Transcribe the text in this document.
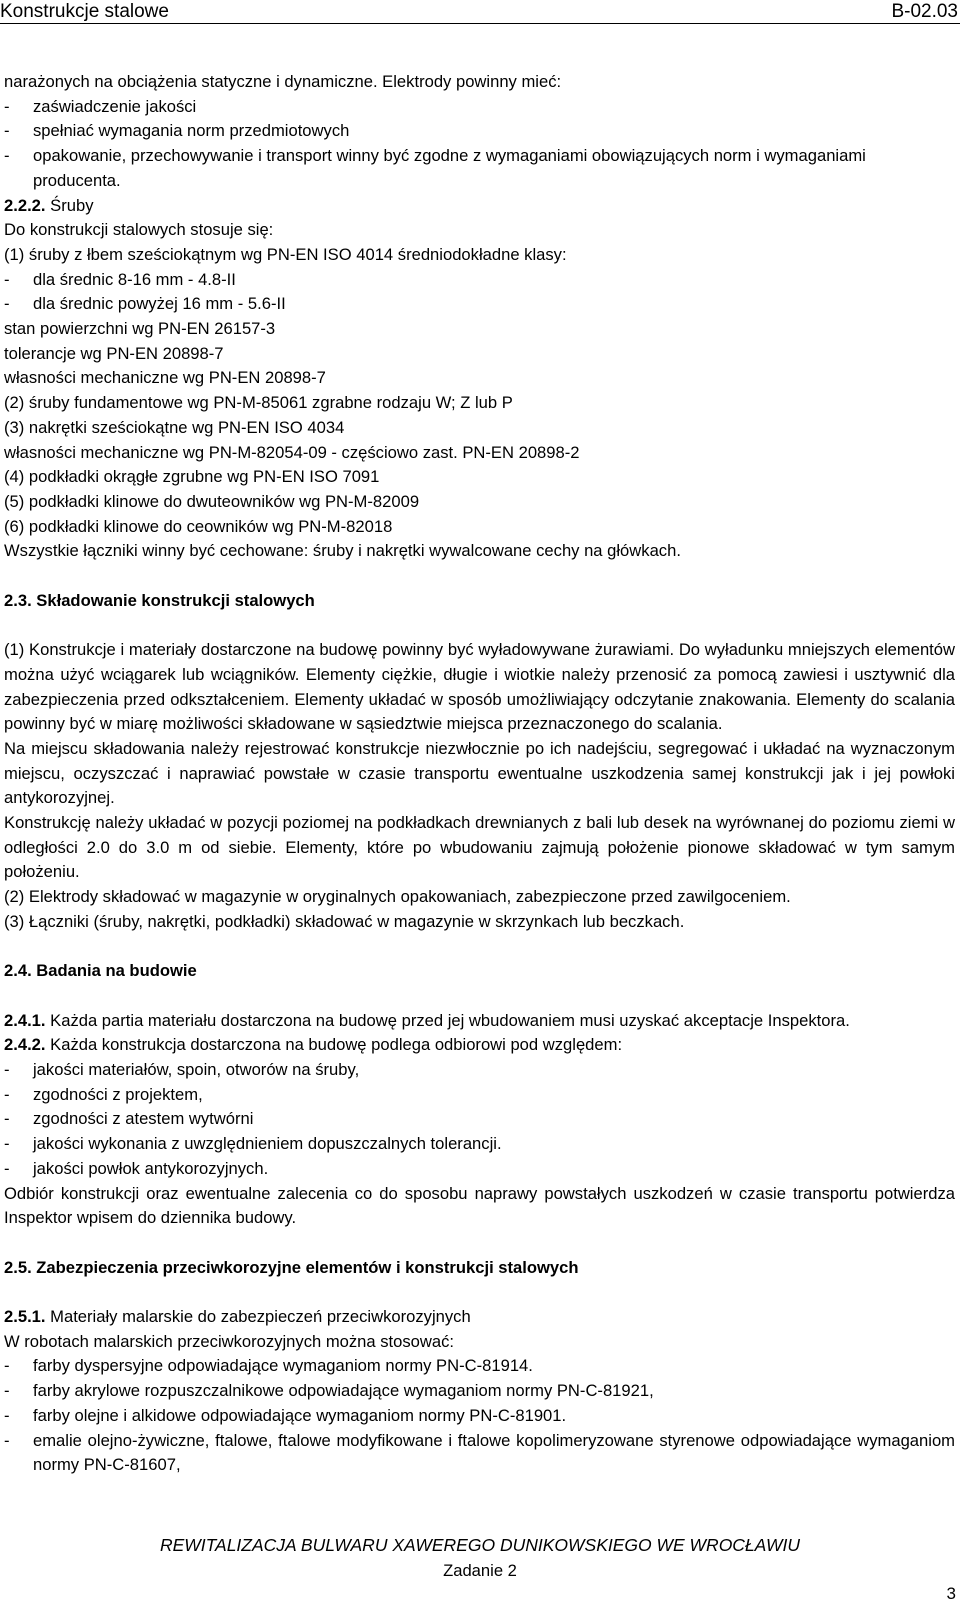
Konstrukcje stalowe	B-02.03

narażonych na obciążenia statyczne i dynamiczne. Elektrody powinny mieć:

- zaświadczenie jakości

- spełniać wymagania norm przedmiotowych

- opakowanie, przechowywanie i transport winny być zgodne z wymaganiami obowiązujących norm i wymaganiami producenta.

2.2.2. Śruby

Do konstrukcji stalowych stosuje się:

(1) śruby z łbem sześciokątnym wg PN-EN ISO 4014 średniodokładne klasy:

- dla średnic 8-16 mm - 4.8-II

- dla średnic powyżej 16 mm - 5.6-II

stan powierzchni wg PN-EN 26157-3

tolerancje wg PN-EN 20898-7

własności mechaniczne wg PN-EN 20898-7

(2) śruby fundamentowe wg PN-M-85061 zgrabne rodzaju W; Z lub P

(3) nakrętki sześciokątne wg PN-EN ISO 4034

własności mechaniczne wg PN-M-82054-09 - częściowo zast. PN-EN 20898-2

(4) podkładki okrągłe zgrubne wg PN-EN ISO 7091

(5) podkładki klinowe do dwuteowników wg PN-M-82009

(6) podkładki klinowe do ceowników wg PN-M-82018

Wszystkie łączniki winny być cechowane: śruby i nakrętki wywalcowane cechy na główkach.

2.3. Składowanie konstrukcji stalowych

(1) Konstrukcje i materiały dostarczone na budowę powinny być wyładowywane żurawiami. Do wyładunku mniejszych elementów można użyć wciągarek lub wciągników. Elementy ciężkie, długie i wiotkie należy przenosić za pomocą zawiesi i usztywnić dla zabezpieczenia przed odkształceniem. Elementy układać w sposób umożliwiający odczytanie znakowania. Elementy do scalania powinny być w miarę możliwości składowane w sąsiedztwie miejsca przeznaczonego do scalania.

Na miejscu składowania należy rejestrować konstrukcje niezwłocznie po ich nadejściu, segregować i układać na wyznaczonym miejscu, oczyszczać i naprawiać powstałe w czasie transportu ewentualne uszkodzenia samej konstrukcji jak i jej powłoki antykorozyjnej.

Konstrukcję należy układać w pozycji poziomej na podkładkach drewnianych z bali lub desek na wyrównanej do poziomu ziemi w odległości 2.0 do 3.0 m od siebie. Elementy, które po wbudowaniu zajmują położenie pionowe składować w tym samym położeniu.

(2) Elektrody składować w magazynie w oryginalnych opakowaniach, zabezpieczone przed zawilgoceniem.

(3) Łączniki (śruby, nakrętki, podkładki) składować w magazynie w skrzynkach lub beczkach.

2.4. Badania na budowie

2.4.1. Każda partia materiału dostarczona na budowę przed jej wbudowaniem musi uzyskać akceptacje Inspektora.

2.4.2. Każda konstrukcja dostarczona na budowę podlega odbiorowi pod względem:

- jakości materiałów, spoin, otworów na śruby,

- zgodności z projektem,

- zgodności z atestem wytwórni

- jakości wykonania z uwzględnieniem dopuszczalnych tolerancji.

- jakości powłok antykorozyjnych.

Odbiór konstrukcji oraz ewentualne zalecenia co do sposobu naprawy powstałych uszkodzeń w czasie transportu potwierdza Inspektor wpisem do dziennika budowy.

2.5. Zabezpieczenia przeciwkorozyjne elementów i konstrukcji stalowych

2.5.1. Materiały malarskie do zabezpieczeń przeciwkorozyjnych

W robotach malarskich przeciwkorozyjnych można stosować:

- farby dyspersyjne odpowiadające wymaganiom normy PN-C-81914.

- farby akrylowe rozpuszczalnikowe odpowiadające wymaganiom normy PN-C-81921,

- farby olejne i alkidowe odpowiadające wymaganiom normy PN-C-81901.

- emalie olejno-żywiczne, ftalowe, ftalowe modyfikowane i ftalowe kopolimeryzowane styrenowe odpowiadające wymaganiom normy PN-C-81607,

REWITALIZACJA BULWARU XAWEREGO DUNIKOWSKIEGO WE WROCŁAWIU
Zadanie 2
3
